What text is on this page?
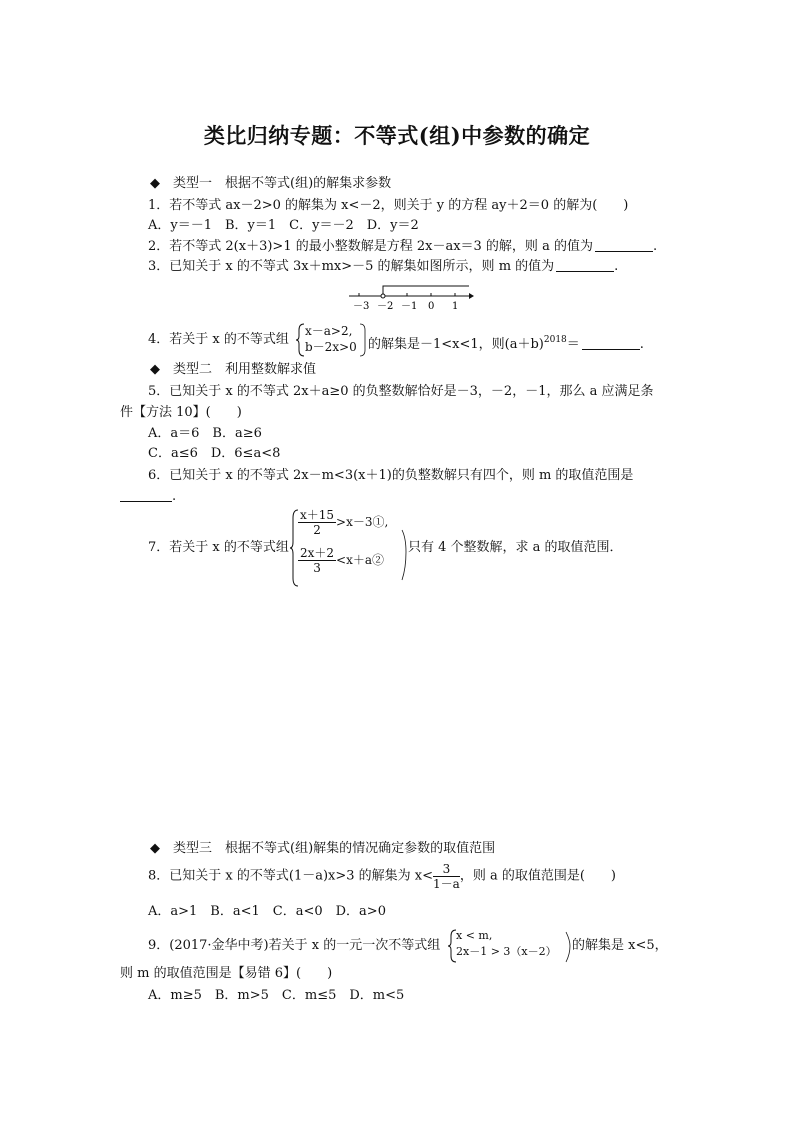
类比归纳专题：不等式(组)中参数的确定
◆　类型一　根据不等式(组)的解集求参数
1．若不等式 ax－2>0 的解集为 x<－2，则关于 y 的方程 ay＋2＝0 的解为(　　)
A．y＝－1　B．y＝1　C．y＝－2　D．y＝2
2．若不等式 2(x＋3)>1 的最小整数解是方程 2x－ax＝3 的解，则 a 的值为	.
3．已知关于 x 的不等式 3x＋mx>－5 的解集如图所示，则 m 的值为	.
－3 －2 －1 0 1
4．若关于 x 的不等式组
x－a>2,
b－2x>0 的解集是－1<x<1，则$(a+b)^{2018}=$	.
◆　类型二　利用整数解求值
5．已知关于 x 的不等式 2x＋a≥0 的负整数解恰好是－3，－2，－1，那么 a 应满足条
件【方法 10】(　　)
A．a＝6　B．a≥6
C．a≤6　D．6≤a<8
6．已知关于 x 的不等式 2x－m<3(x＋1)的负整数解只有四个，则 m 的取值范围是
.
7．若关于 x 的不等式组
$\frac{x+15}{2}$ >x－3①,
$\frac{2x+2}{3}$ <x＋a②
只有 4 个整数解，求 a 的取值范围．
◆　类型三　根据不等式(组)解集的情况确定参数的取值范围
8．已知关于 x 的不等式(1－a)x>3 的解集为 $x< \frac{3}{1-a}$ ，则 a 的取值范围是(　　)
A．a>1　B．a<1　C．a<0　D．a>0
9．(2017·金华中考)若关于 x 的一元一次不等式组
x < m,
2x－1 > 3（x－2） 的解集是 x<5，
则 m 的取值范围是【易错 6】(　　)
A．m≥5　B．m>5　C．m≤5　D．m<5
